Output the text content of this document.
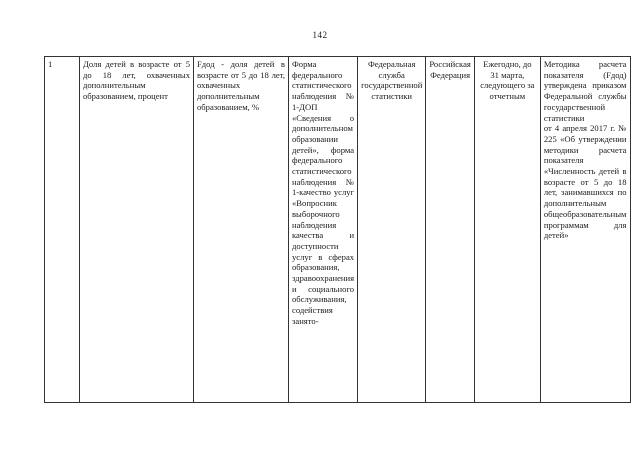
142
1	Доля детей в возрасте от 5 до 18 лет, охваченных дополнительным образованием, процент	Fдод - доля детей в возрасте от 5 до 18 лет, охваченных дополнительным образованием, %	Форма федерального статистического наблюдения № 1-ДОП «Сведения о дополнительном образовании детей», форма федерального статистического наблюдения № 1-качество услуг «Вопросник выборочного наблюдения качества и доступности услуг в сферах образования, здравоохранения и социального обслуживания, содействия занято-	Федеральная служба государственной статистики	Российская Федерация	Ежегодно, до 31 марта, следующего за отчетным	Методика расчета показателя (Fдод) утверждена приказом Федеральной службы государственной статистики
от 4 апреля 2017 г. № 225 «Об утверждении методики расчета показателя «Численность детей в возрасте от 5 до 18 лет, занимавшихся по дополнительным общеобразовательным программам для детей»
